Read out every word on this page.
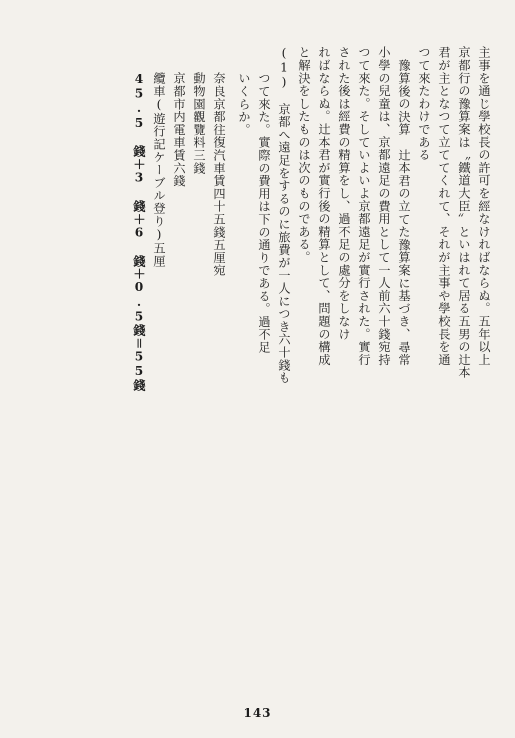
主事を通じ學校長の許可を經なければならぬ。五年以上
京都行の豫算案は〝鐵道大臣〟といはれて居る五男の辻本
君が主となつて立ててくれて、それが主事や學校長を通
つて來たわけである
豫算後の決算　辻本君の立てた豫算案に基づき、尋常
小學の兒童は、京都遠足の費用として一人前六十錢宛持
つて來た。そしていよいよ京都遠足が實行された。實行
された後は經費の精算をし、過不足の處分をしなけ
ればならぬ。辻本君が實行後の精算として、問題の構成
と解決をしたものは次のものである。
(1)　京都へ遠足をするのに旅費が一人につき六十錢も
つて來た。實際の費用は下の通りである。過不足
いくらか。
奈良京都往復汽車賃四十五錢五厘宛
動物園觀覽料三錢
京都市内電車賃六錢
纜車(遊行記ケーブル登り)五厘
45.5 錢＋3 錢＋6 錢＋0.5錢＝55錢
143
